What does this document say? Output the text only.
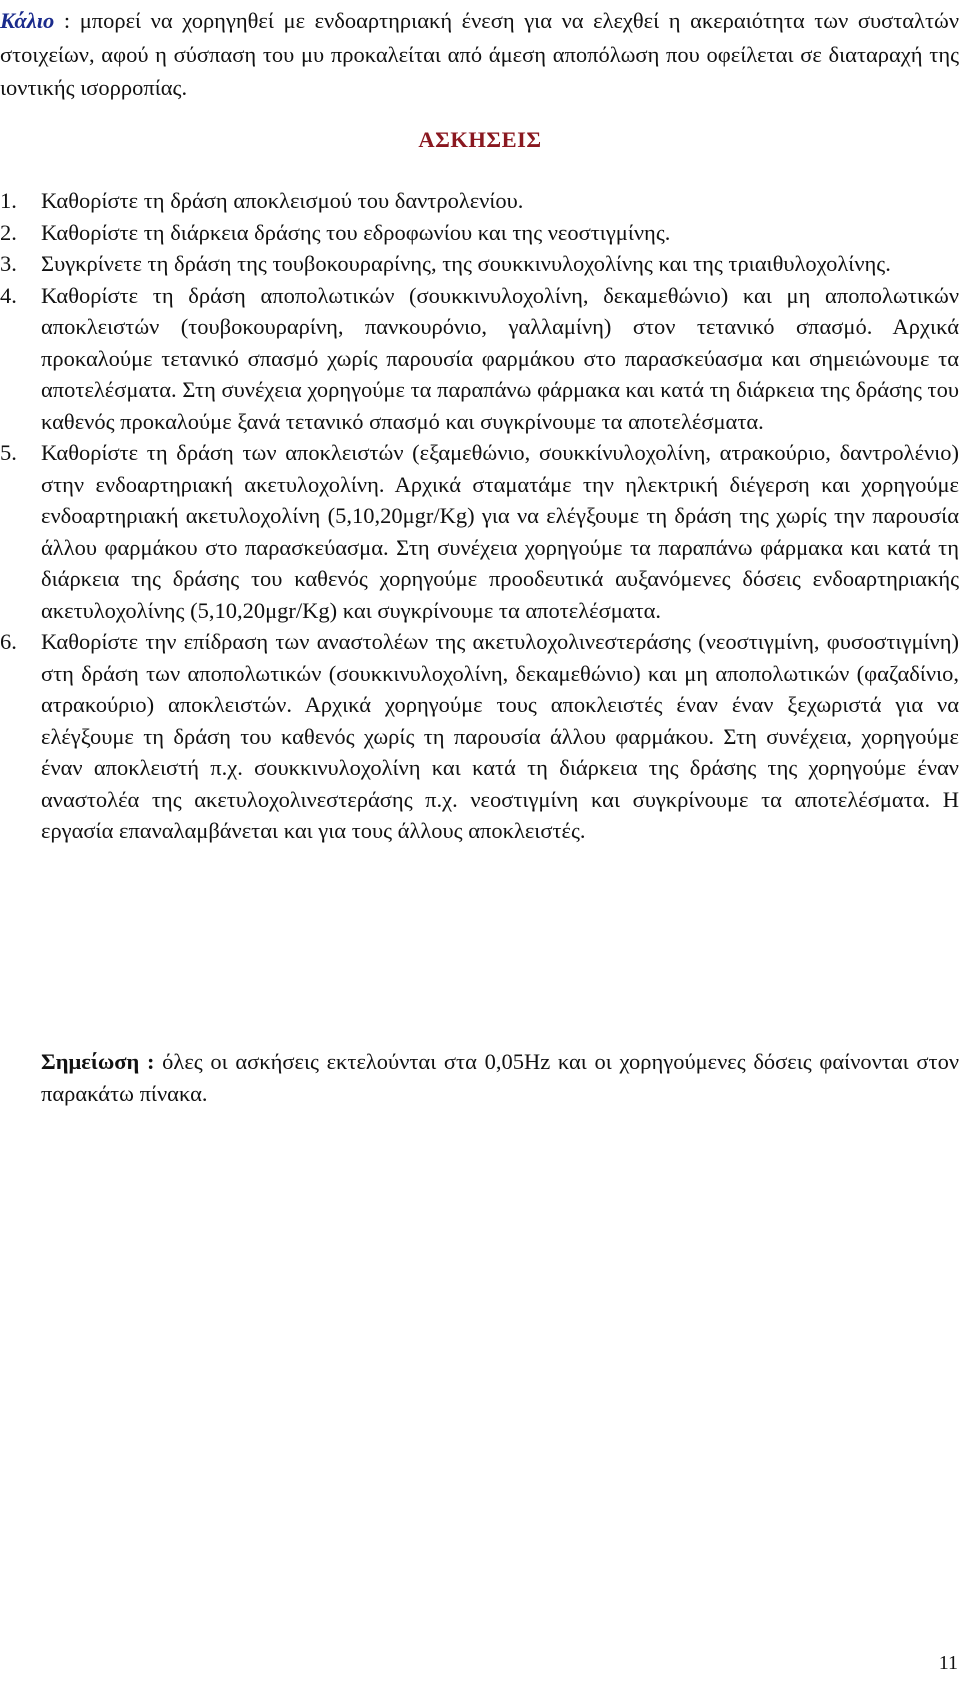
Κάλιο : μπορεί να χορηγηθεί με ενδοαρτηριακή ένεση για να ελεχθεί η ακεραιότητα των συσταλτών στοιχείων, αφού η σύσπαση του μυ προκαλείται από άμεση αποπόλωση που οφείλεται σε διαταραχή της ιοντικής ισορροπίας.

ΑΣΚΗΣΕΙΣ
1. Καθορίστε τη δράση αποκλεισμού του δαντρολενίου.
2. Καθορίστε τη διάρκεια δράσης του εδροφωνίου και της νεοστιγμίνης.
3. Συγκρίνετε τη δράση της τουβοκουραρίνης, της σουκκινυλοχολίνης και της τριαιθυλοχολίνης.
4. Καθορίστε τη δράση αποπολωτικών (σουκκινυλοχολίνη, δεκαμεθώνιο) και μη αποπολωτικών αποκλειστών (τουβοκουραρίνη, πανκουρόνιο, γαλλαμίνη) στον τετανικό σπασμό. Αρχικά προκαλούμε τετανικό σπασμό χωρίς παρουσία φαρμάκου στο παρασκεύασμα και σημειώνουμε τα αποτελέσματα. Στη συνέχεια χορηγούμε τα παραπάνω φάρμακα και κατά τη διάρκεια της δράσης του καθενός προκαλούμε ξανά τετανικό σπασμό και συγκρίνουμε τα αποτελέσματα.
5. Καθορίστε τη δράση των αποκλειστών (εξαμεθώνιο, σουκκίνυλοχολίνη, ατρακούριο, δαντρολένιο) στην ενδοαρτηριακή ακετυλοχολίνη. Αρχικά σταματάμε την ηλεκτρική διέγερση και χορηγούμε ενδοαρτηριακή ακετυλοχολίνη (5,10,20μgr/Kg) για να ελέγξουμε τη δράση της χωρίς την παρουσία άλλου φαρμάκου στο παρασκεύασμα. Στη συνέχεια χορηγούμε τα παραπάνω φάρμακα και κατά τη διάρκεια της δράσης του καθενός χορηγούμε προοδευτικά αυξανόμενες δόσεις ενδοαρτηριακής ακετυλοχολίνης (5,10,20μgr/Kg) και συγκρίνουμε τα αποτελέσματα.
6. Καθορίστε την επίδραση των αναστολέων της ακετυλοχολινεστεράσης (νεοστιγμίνη, φυσοστιγμίνη) στη δράση των αποπολωτικών (σουκκινυλοχολίνη, δεκαμεθώνιο) και μη αποπολωτικών (φαζαδίνιο, ατρακούριο) αποκλειστών. Αρχικά χορηγούμε τους αποκλειστές έναν έναν ξεχωριστά για να ελέγξουμε τη δράση του καθενός χωρίς τη παρουσία άλλου φαρμάκου. Στη συνέχεια, χορηγούμε έναν αποκλειστή π.χ. σουκκινυλοχολίνη και κατά τη διάρκεια της δράσης της χορηγούμε έναν αναστολέα της ακετυλοχολινεστεράσης π.χ. νεοστιγμίνη και συγκρίνουμε τα αποτελέσματα. Η εργασία επαναλαμβάνεται και για τους άλλους αποκλειστές.

Σημείωση : όλες οι ασκήσεις εκτελούνται στα 0,05Hz και οι χορηγούμενες δόσεις φαίνονται στον παρακάτω πίνακα.

11
